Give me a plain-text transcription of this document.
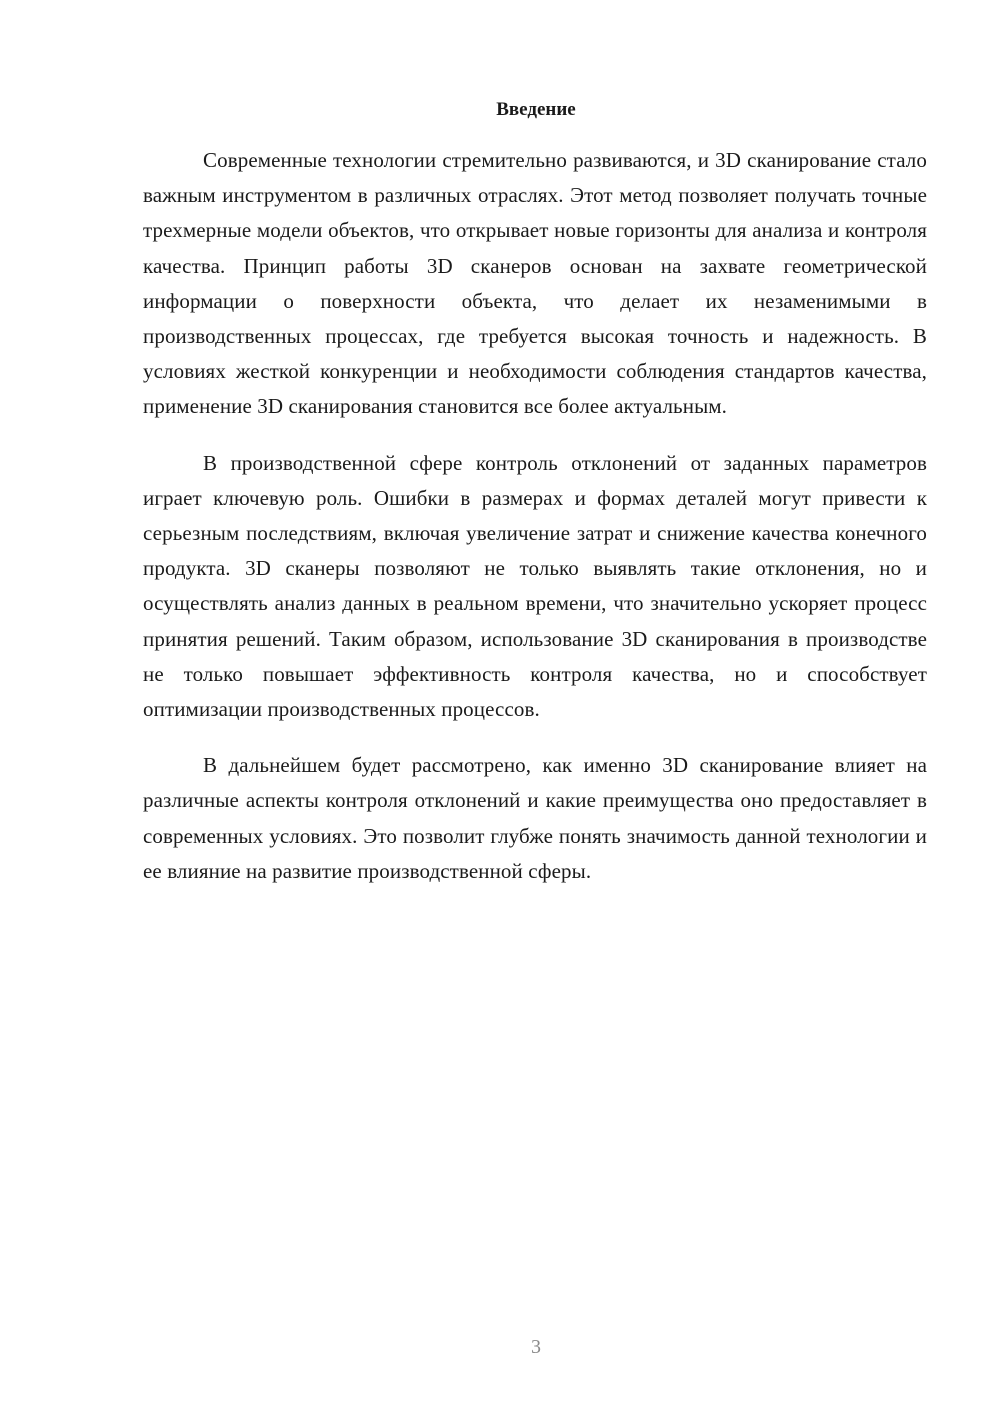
Введение

Современные технологии стремительно развиваются, и 3D сканирование стало важным инструментом в различных отраслях. Этот метод позволяет получать точные трехмерные модели объектов, что открывает новые горизонты для анализа и контроля качества. Принцип работы 3D сканеров основан на захвате геометрической информации о поверхности объекта, что делает их незаменимыми в производственных процессах, где требуется высокая точность и надежность. В условиях жесткой конкуренции и необходимости соблюдения стандартов качества, применение 3D сканирования становится все более актуальным.

В производственной сфере контроль отклонений от заданных параметров играет ключевую роль. Ошибки в размерах и формах деталей могут привести к серьезным последствиям, включая увеличение затрат и снижение качества конечного продукта. 3D сканеры позволяют не только выявлять такие отклонения, но и осуществлять анализ данных в реальном времени, что значительно ускоряет процесс принятия решений. Таким образом, использование 3D сканирования в производстве не только повышает эффективность контроля качества, но и способствует оптимизации производственных процессов.

В дальнейшем будет рассмотрено, как именно 3D сканирование влияет на различные аспекты контроля отклонений и какие преимущества оно предоставляет в современных условиях. Это позволит глубже понять значимость данной технологии и ее влияние на развитие производственной сферы.

3
